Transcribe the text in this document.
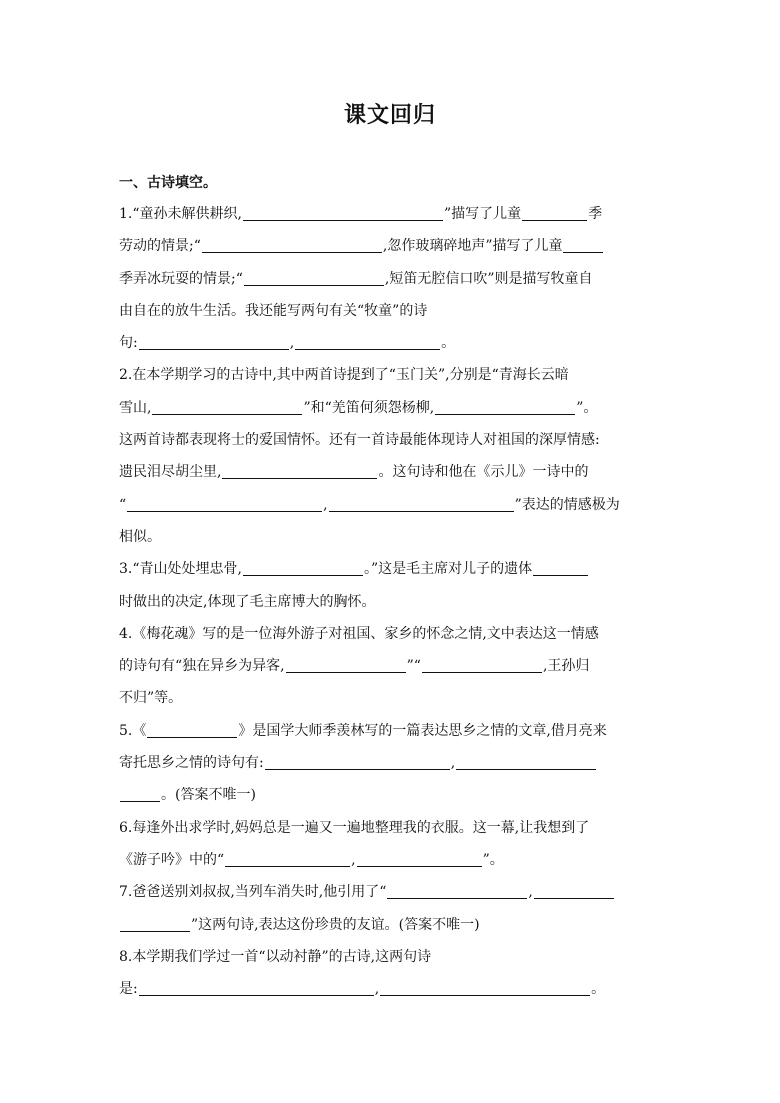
课文回归
一、古诗填空。
1.“童孙未解供耕织,	”描写了儿童	季
劳动的情景;“	,忽作玻璃碎地声”描写了儿童
季弄冰玩耍的情景;“	,短笛无腔信口吹”则是描写牧童自
由自在的放牛生活。我还能写两句有关“牧童”的诗
句:	,	。
2.在本学期学习的古诗中,其中两首诗提到了“玉门关”,分别是“青海长云暗
雪山,	”和“羌笛何须怨杨柳,	”。
这两首诗都表现将士的爱国情怀。还有一首诗最能体现诗人对祖国的深厚情感:
遗民泪尽胡尘里,	。这句诗和他在《示儿》一诗中的
“	,	”表达的情感极为
相似。
3.“青山处处埋忠骨,	。”这是毛主席对儿子的遗体
时做出的决定,体现了毛主席博大的胸怀。
4.《梅花魂》写的是一位海外游子对祖国、家乡的怀念之情,文中表达这一情感
的诗句有“独在异乡为异客,	”“	,王孙归
不归”等。
5.《	》是国学大师季羡林写的一篇表达思乡之情的文章,借月亮来
寄托思乡之情的诗句有:	,
。(答案不唯一)
6.每逢外出求学时,妈妈总是一遍又一遍地整理我的衣服。这一幕,让我想到了
《游子吟》中的“	,	”。
7.爸爸送别刘叔叔,当列车消失时,他引用了“	,
”这两句诗,表达这份珍贵的友谊。(答案不唯一)
8.本学期我们学过一首“以动衬静”的古诗,这两句诗
是:	,	。
